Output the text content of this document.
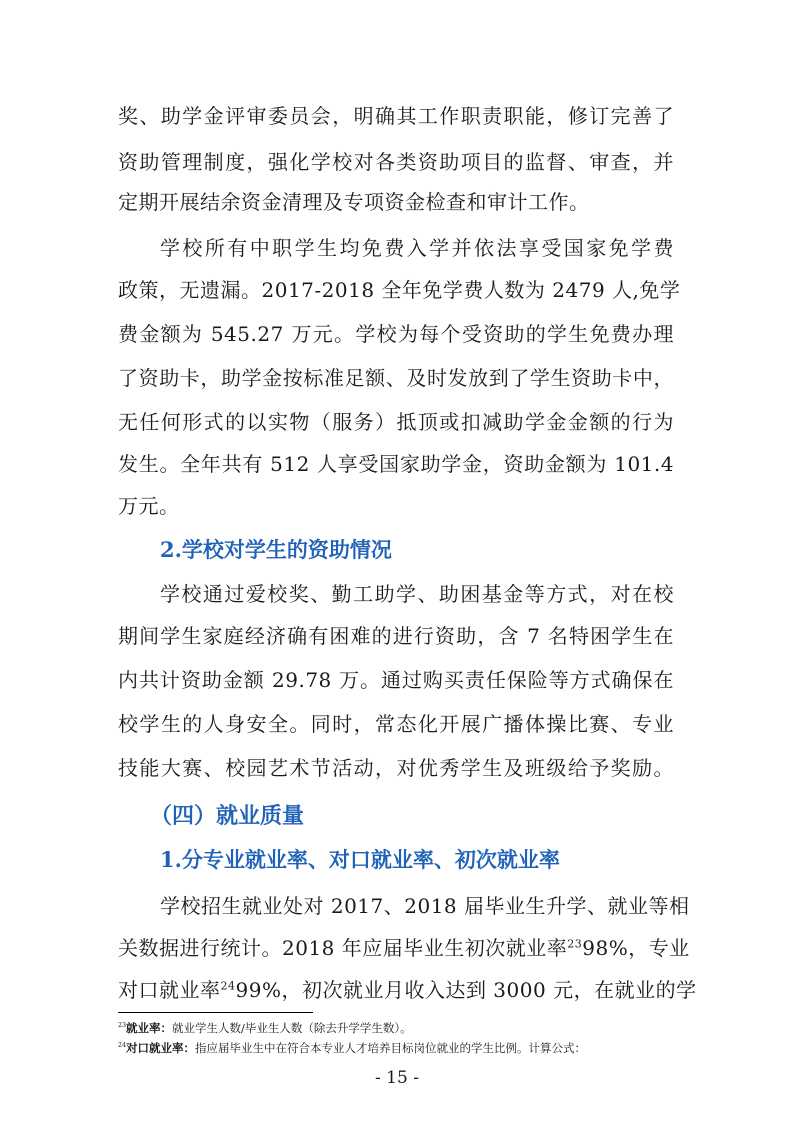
奖、助学金评审委员会，明确其工作职责职能，修订完善了
资助管理制度，强化学校对各类资助项目的监督、审查，并
定期开展结余资金清理及专项资金检查和审计工作。
学校所有中职学生均免费入学并依法享受国家免学费
政策，无遗漏。2017-2018 全年免学费人数为 2479 人,免学
费金额为 545.27 万元。学校为每个受资助的学生免费办理
了资助卡，助学金按标准足额、及时发放到了学生资助卡中，
无任何形式的以实物（服务）抵顶或扣减助学金金额的行为
发生。全年共有 512 人享受国家助学金，资助金额为 101.4
万元。
2.学校对学生的资助情况
学校通过爱校奖、勤工助学、助困基金等方式，对在校
期间学生家庭经济确有困难的进行资助，含 7 名特困学生在
内共计资助金额 29.78 万。通过购买责任保险等方式确保在
校学生的人身安全。同时，常态化开展广播体操比赛、专业
技能大赛、校园艺术节活动，对优秀学生及班级给予奖励。
（四）就业质量
1.分专业就业率、对口就业率、初次就业率
学校招生就业处对 2017、2018 届毕业生升学、就业等相
关数据进行统计。2018 年应届毕业生初次就业率$^{23}$98%，专业
对口就业率$^{24}$99%，初次就业月收入达到 3000 元，在就业的学
$^{23}$就业率：就业学生人数/毕业生人数（除去升学学生数）。
$^{24}$对口就业率：指应届毕业生中在符合本专业人才培养目标岗位就业的学生比例。计算公式：
- 15 -
